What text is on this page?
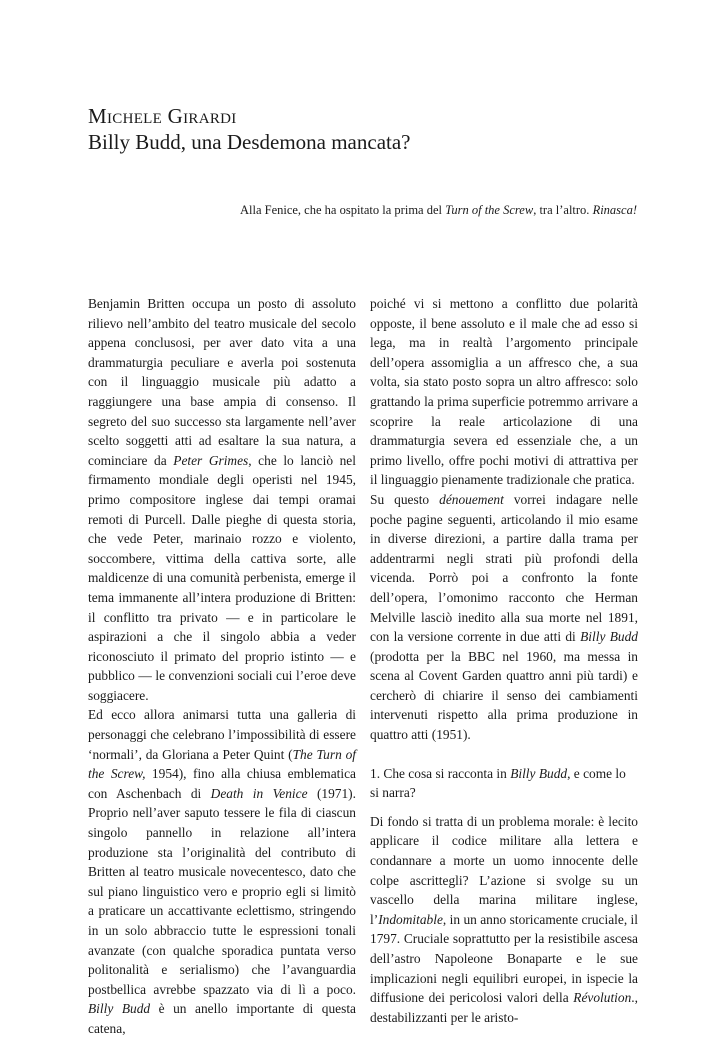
Michele Girardi
Billy Budd, una Desdemona mancata?
Alla Fenice, che ha ospitato la prima del Turn of the Screw, tra l’altro. Rinasca!

Benjamin Britten occupa un posto di assoluto rilievo nell’ambito del teatro musicale del secolo appena conclusosi, per aver dato vita a una drammaturgia peculiare e averla poi sostenuta con il linguaggio musicale più adatto a raggiungere una base ampia di consenso. Il segreto del suo successo sta largamente nell’aver scelto soggetti atti ad esaltare la sua natura, a cominciare da Peter Grimes, che lo lanciò nel firmamento mondiale degli operisti nel 1945, primo compositore inglese dai tempi oramai remoti di Purcell. Dalle pieghe di questa storia, che vede Peter, marinaio rozzo e violento, soccombere, vittima della cattiva sorte, alle maldicenze di una comunità perbenista, emerge il tema immanente all’intera produzione di Britten: il conflitto tra privato — e in particolare le aspirazioni a che il singolo abbia a veder riconosciuto il primato del proprio istinto — e pubblico — le convenzioni sociali cui l’eroe deve soggiacere.

Ed ecco allora animarsi tutta una galleria di personaggi che celebrano l’impossibilità di essere ‘normali’, da Gloriana a Peter Quint (The Turn of the Screw, 1954), fino alla chiusa emblematica con Aschenbach di Death in Venice (1971). Proprio nell’aver saputo tessere le fila di ciascun singolo pannello in relazione all’intera produzione sta l’originalità del contributo di Britten al teatro musicale novecentesco, dato che sul piano linguistico vero e proprio egli si limitò a praticare un accattivante eclettismo, stringendo in un solo abbraccio tutte le espressioni tonali avanzate (con qualche sporadica puntata verso politonalità e serialismo) che l’avanguardia postbellica avrebbe spazzato via di lì a poco. Billy Budd è un anello importante di questa catena,

poiché vi si mettono a conflitto due polarità opposte, il bene assoluto e il male che ad esso si lega, ma in realtà l’argomento principale dell’opera assomiglia a un affresco che, a sua volta, sia stato posto sopra un altro affresco: solo grattando la prima superficie potremmo arrivare a scoprire la reale articolazione di una drammaturgia severa ed essenziale che, a un primo livello, offre pochi motivi di attrattiva per il linguaggio pienamente tradizionale che pratica.

Su questo dénouement vorrei indagare nelle poche pagine seguenti, articolando il mio esame in diverse direzioni, a partire dalla trama per addentrarmi negli strati più profondi della vicenda. Porrò poi a confronto la fonte dell’opera, l’omonimo racconto che Herman Melville lasciò inedito alla sua morte nel 1891, con la versione corrente in due atti di Billy Budd (prodotta per la BBC nel 1960, ma messa in scena al Covent Garden quattro anni più tardi) e cercherò di chiarire il senso dei cambiamenti intervenuti rispetto alla prima produzione in quattro atti (1951).

1. Che cosa si racconta in Billy Budd, e come lo si narra?

Di fondo si tratta di un problema morale: è lecito applicare il codice militare alla lettera e condannare a morte un uomo innocente delle colpe ascrittegli? L’azione si svolge su un vascello della marina militare inglese, l’Indomitable, in un anno storicamente cruciale, il 1797. Cruciale soprattutto per la resistibile ascesa dell’astro Napoleone Bonaparte e le sue implicazioni negli equilibri europei, in ispecie la diffusione dei pericolosi valori della Révolution., destabilizzanti per le aristo-
